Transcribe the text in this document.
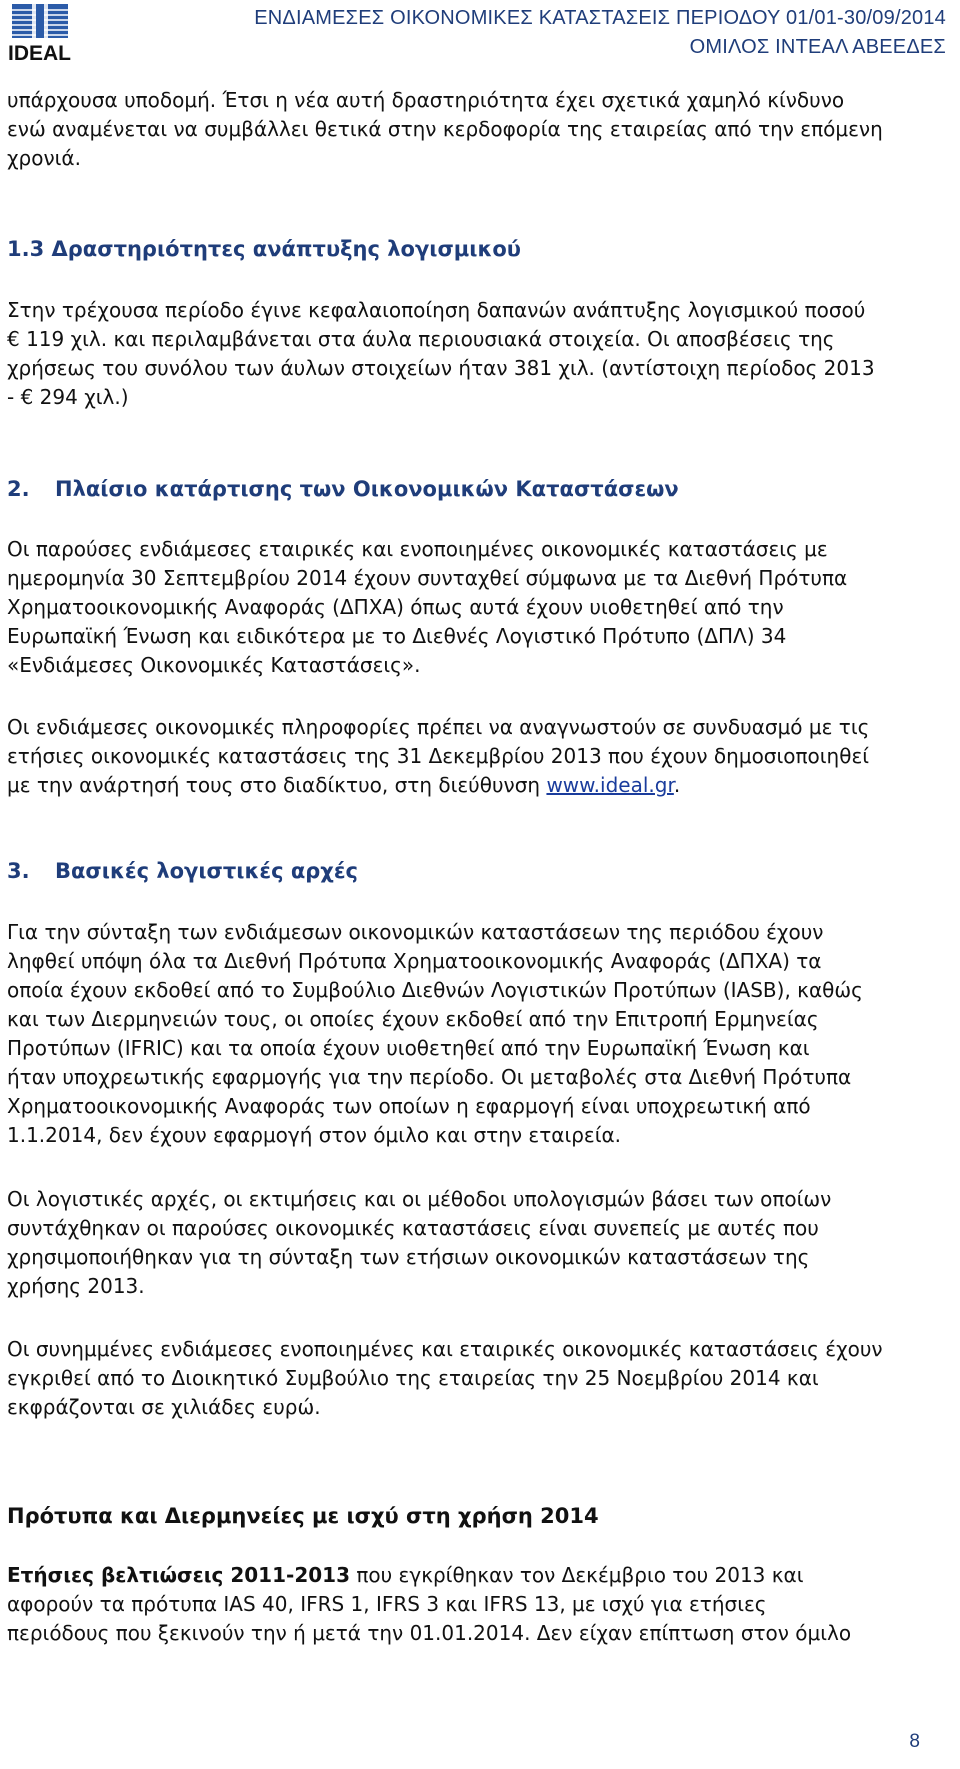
IDEAL
ΕΝΔΙΑΜΕΣΕΣ ΟΙΚΟΝΟΜΙΚΕΣ ΚΑΤΑΣΤΑΣΕΙΣ ΠΕΡΙΟΔΟΥ 01/01-30/09/2014
ΟΜΙΛΟΣ ΙΝΤΕΑΛ ΑΒΕΕΔΕΣ

υπάρχουσα υποδομή. Έτσι η νέα αυτή δραστηριότητα έχει σχετικά χαμηλό κίνδυνο

ενώ αναμένεται να συμβάλλει θετικά στην κερδοφορία της εταιρείας από την επόμενη

χρονιά.

1.3 Δραστηριότητες ανάπτυξης λογισμικού

Στην τρέχουσα περίοδο έγινε κεφαλαιοποίηση δαπανών ανάπτυξης λογισμικού ποσού

€ 119 χιλ. και περιλαμβάνεται στα άυλα περιουσιακά στοιχεία. Οι αποσβέσεις της

χρήσεως του συνόλου των άυλων στοιχείων ήταν 381 χιλ. (αντίστοιχη περίοδος 2013

- € 294 χιλ.)

2. Πλαίσιο κατάρτισης των Οικονομικών Καταστάσεων

Οι παρούσες ενδιάμεσες εταιρικές και ενοποιημένες οικονομικές καταστάσεις με

ημερομηνία 30 Σεπτεμβρίου 2014 έχουν συνταχθεί σύμφωνα με τα Διεθνή Πρότυπα

Χρηματοοικονομικής Αναφοράς (ΔΠΧΑ) όπως αυτά έχουν υιοθετηθεί από την

Ευρωπαϊκή Ένωση και ειδικότερα με το Διεθνές Λογιστικό Πρότυπο (ΔΠΛ) 34

«Ενδιάμεσες Οικονομικές Καταστάσεις».

Οι ενδιάμεσες οικονομικές πληροφορίες πρέπει να αναγνωστούν σε συνδυασμό με τις

ετήσιες οικονομικές καταστάσεις της 31 Δεκεμβρίου 2013 που έχουν δημοσιοποιηθεί

με την ανάρτησή τους στο διαδίκτυο, στη διεύθυνση www.ideal.gr.

3. Βασικές λογιστικές αρχές

Για την σύνταξη των ενδιάμεσων οικονομικών καταστάσεων της περιόδου έχουν

ληφθεί υπόψη όλα τα Διεθνή Πρότυπα Χρηματοοικονομικής Αναφοράς (ΔΠΧΑ) τα

οποία έχουν εκδοθεί από το Συμβούλιο Διεθνών Λογιστικών Προτύπων (IASB), καθώς

και των Διερμηνειών τους, οι οποίες έχουν εκδοθεί από την Επιτροπή Ερμηνείας

Προτύπων (IFRIC) και τα οποία έχουν υιοθετηθεί από την Ευρωπαϊκή Ένωση και

ήταν υποχρεωτικής εφαρμογής για την περίοδο. Οι μεταβολές στα Διεθνή Πρότυπα

Χρηματοοικονομικής Αναφοράς των οποίων η εφαρμογή είναι υποχρεωτική από

1.1.2014, δεν έχουν εφαρμογή στον όμιλο και στην εταιρεία.

Οι λογιστικές αρχές, οι εκτιμήσεις και οι μέθοδοι υπολογισμών βάσει των οποίων

συντάχθηκαν οι παρούσες οικονομικές καταστάσεις είναι συνεπείς με αυτές που

χρησιμοποιήθηκαν για τη σύνταξη των ετήσιων οικονομικών καταστάσεων της

χρήσης 2013.

Οι συνημμένες ενδιάμεσες ενοποιημένες και εταιρικές οικονομικές καταστάσεις έχουν

εγκριθεί από το Διοικητικό Συμβούλιο της εταιρείας την 25 Νοεμβρίου 2014 και

εκφράζονται σε χιλιάδες ευρώ.

Πρότυπα και Διερμηνείες με ισχύ στη χρήση 2014

Ετήσιες βελτιώσεις 2011-2013 που εγκρίθηκαν τον Δεκέμβριο του 2013 και

αφορούν τα πρότυπα IAS 40, IFRS 1, IFRS 3 και IFRS 13, με ισχύ για ετήσιες

περιόδους που ξεκινούν την ή μετά την 01.01.2014. Δεν είχαν επίπτωση στον όμιλο

8
